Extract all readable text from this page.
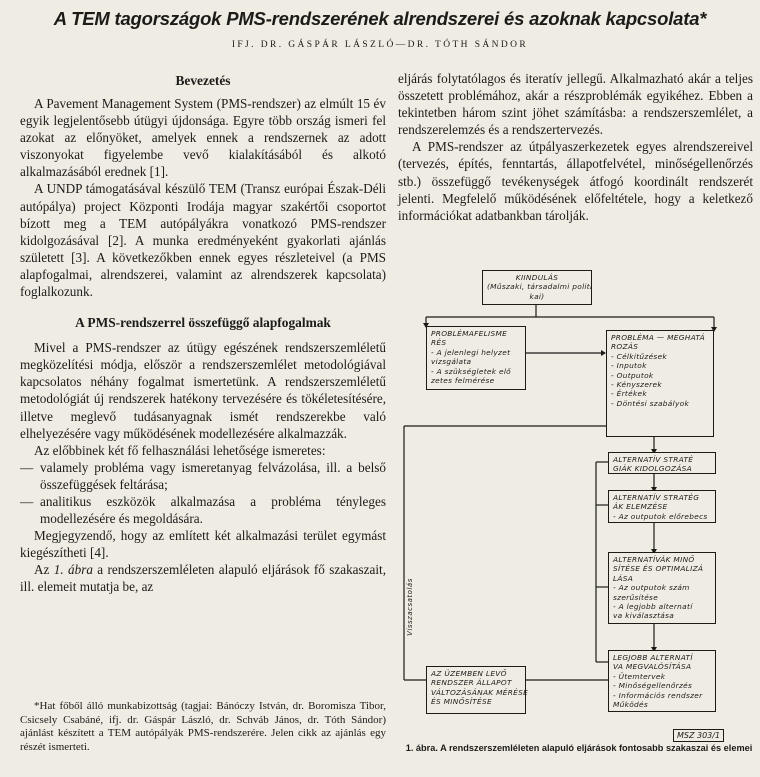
A TEM tagországok PMS-rendszerének alrendszerei és azoknak kapcsolata*
IFJ. DR. GÁSPÁR LÁSZLÓ—DR. TÓTH SÁNDOR
Bevezetés

A Pavement Management System (PMS-rendszer) az elmúlt 15 év egyik legjelentősebb útügyi újdonsága. Egyre több ország ismeri fel azokat az előnyöket, amelyek ennek a rendszernek az adott viszonyokat figyelembe vevő kialakításából és alkotó alkalmazásából erednek [1].

A UNDP támogatásával készülő TEM (Transz európai Észak-Déli autópálya) project Központi Irodája magyar szakértői csoportot bízott meg a TEM autópályákra vonatkozó PMS-rendszer kidolgozásával [2]. A munka eredményeként gyakorlati ajánlás született [3]. A következőkben ennek egyes részleteivel (a PMS alapfogalmai, alrendszerei, valamint az alrendszerek kapcsolata) foglalkozunk.

A PMS-rendszerrel összefüggő alapfogalmak

Mivel a PMS-rendszer az útügy egészének rendszerszemléletű megközelítési módja, először a rendszerszemlélet metodológiával kapcsolatos néhány fogalmat ismertetünk. A rendszerszemléletű metodológiát új rendszerek hatékony tervezésére és tökéletesítésére, illetve meglevő tudásanyagnak ismét rendszerekbe való elhelyezésére vagy működésének modellezésére alkalmazzák.

Az előbbinek két fő felhasználási lehetősége ismeretes:

— valamely probléma vagy ismeretanyag felvázolása, ill. a belső összefüggések feltárása;

— analitikus eszközök alkalmazása a probléma tényleges modellezésére és megoldására.

Megjegyzendő, hogy az említett két alkalmazási terület egymást kiegészítheti [4].

Az 1. ábra a rendszerszemléleten alapuló eljárások fő szakaszait, ill. elemeit mutatja be, az

*Hat főből álló munkabizottság (tagjai: Bánóczy István, dr. Boromisza Tibor, Csicsely Csabáné, ifj. dr. Gáspár László, dr. Schváb János, dr. Tóth Sándor) ajánlást készített a TEM autópályák PMS-rendszerére. Jelen cikk az ajánlás egy részét ismerteti.

eljárás folytatólagos és iteratív jellegű. Alkalmazható akár a teljes összetett problémához, akár a részproblémák egyikéhez. Ebben a tekintetben három szint jöhet számításba: a rendszerszemlélet, a rendszerelemzés és a rendszertervezés.

A PMS-rendszer az útpályaszerkezetek egyes alrendszereivel (tervezés, építés, fenntartás, állapotfelvétel, minőségellenőrzés stb.) összefüggő tevékenységek átfogó koordinált rendszerét jelenti. Megfelelő működésének előfeltétele, hogy a keletkező információkat adatbankban tárolják.

KIINDULÁS
(Műszaki, társadalmi politi
kai)
PROBLÉMAFELISME
RÉS
- A jelenlegi helyzet
vizsgálata
- A szükségletek elő
zetes felmérése
PROBLÉMA — MEGHATÁ
ROZÁS
- Célkitűzések
- Inputok
- Outputok
- Kényszerek
- Értékek
- Döntési szabályok
ALTERNATÍV STRATÉ
GIÁK KIDOLGOZÁSA
ALTERNATÍV STRATÉG
ÁK ELEMZÉSE
- Az outputok előrebecs
ALTERNATÍVÁK MINŐ
SÍTÉSE ÉS OPTIMALIZÁ
LÁSA
- Az outputok szám
szerűsítése
- A legjobb alternatí
va kiválasztása
LEGJOBB ALTERNATÍ
VA MEGVALÓSÍTÁSA
- Ütemtervek
- Minőségellenőrzés
- Információs rendszer
Működés
AZ ÜZEMBEN LEVŐ
RENDSZER ÁLLAPOT
VÁLTOZÁSÁNAK MÉRÉSE
ÉS MINŐSÍTÉSE
Visszacsatolás
MSZ 303/1
1. ábra. A rendszerszemléleten alapuló eljárások fontosabb szakaszai és elemei
